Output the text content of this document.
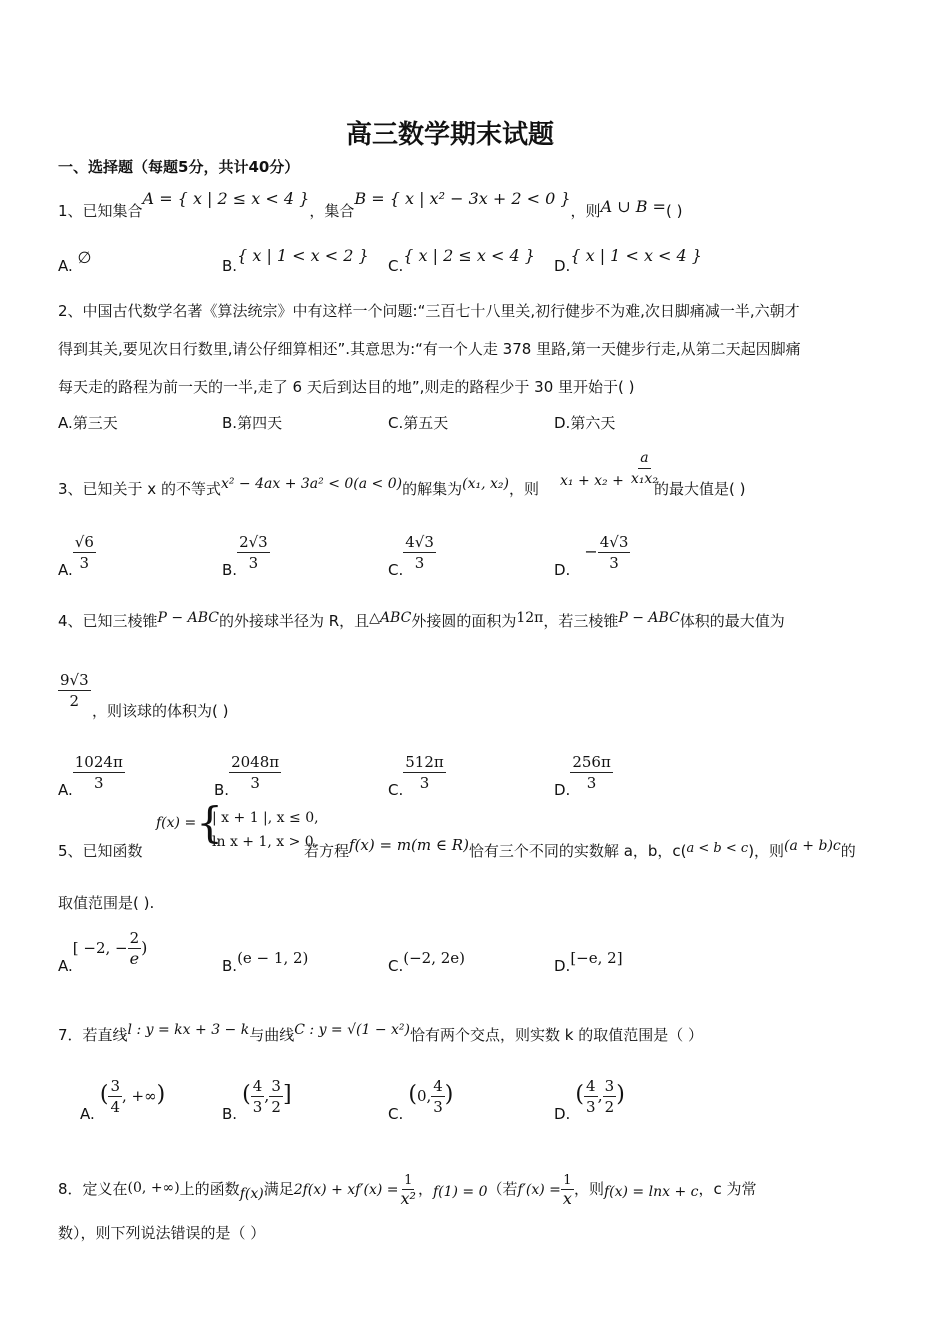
高三数学期末试题
一、选择题（每题5分，共计40分）
1、已知集合A = { x | 2 ≤ x < 4 }，集合B = { x | x² − 3x + 2 < 0 }，则A ∪ B =( )
A. ∅	B.{ x | 1 < x < 2 }
C.{ x | 2 ≤ x < 4 }
D.{ x | 1 < x < 4 }
2、中国古代数学名著《算法统宗》中有这样一个问题:“三百七十八里关,初行健步不为难,次日脚痛减一半,六朝才
得到其关,要见次日行数里,请公仔细算相还”.其意思为:“有一个人走 378 里路,第一天健步行走,从第二天起因脚痛
每天走的路程为前一天的一半,走了 6 天后到达目的地”,则走的路程少于 30 里开始于( )
A.第三天	B.第四天	C.第五天	D.第六天
3、已知关于 x 的不等式x² − 4ax + 3a² < 0(a < 0)的解集为(x₁, x₂)，则 $x_1 + x_2 + \frac{a}{\text{x₁x₂}}$
的最大值是( )
A. $\frac{√6}{3}$	B. $\frac{2√3}{3}$	C. $\frac{4√3}{3}$	$D.- \frac{4√3}{3}$
4、已知三棱锥P − ABC的外接球半径为 R，且△ABC外接圆的面积为12π，若三棱锥P − ABC体积的最大值为
$\frac{9√3}{2}$ ，则该球的体积为( )
A. $\frac{1024\pi}{3}$	B. $\frac{2048\pi}{3}$	C. $\frac{512\pi}{3}$	D. $\frac{256\pi}{3}$
5、已知函数
f(x) ={
| x + 1 |, x ≤ 0,
ln x + 1, x > 0,
若方程f(x) = m(m ∈ R)恰有三个不同的实数解 a，b，c(a < b < c)，则(a + b)c的
取值范围是( ).
A.[ −2, − $\frac{2}{e}$ )
B.(e − 1, 2)	C.(−2, 2e)	D.[−e, 2]
7．若直线l : y = kx + 3 − k与曲线C : y = √(1 − x²)恰有两个交点，则实数 k 的取值范围是（ ）
A. ( $\frac{3}{4}$ , +∞)
B. ( $\frac{4}{3}$ , $\frac{3}{2}$ ]
C. (0, $\frac{4}{3}$ )
D. ( $\frac{4}{3}$ , $\frac{3}{2}$ )
8．定义在(0, +∞)上的函数f(x)满足$2f(x) + xf'(x) = \frac{1}{\text{x²}}$ ，f(1) = 0（若$f'(x) = \frac{1}{x}$ ，则f(x) = lnx + c，c 为常
数），则下列说法错误的是（ ）
